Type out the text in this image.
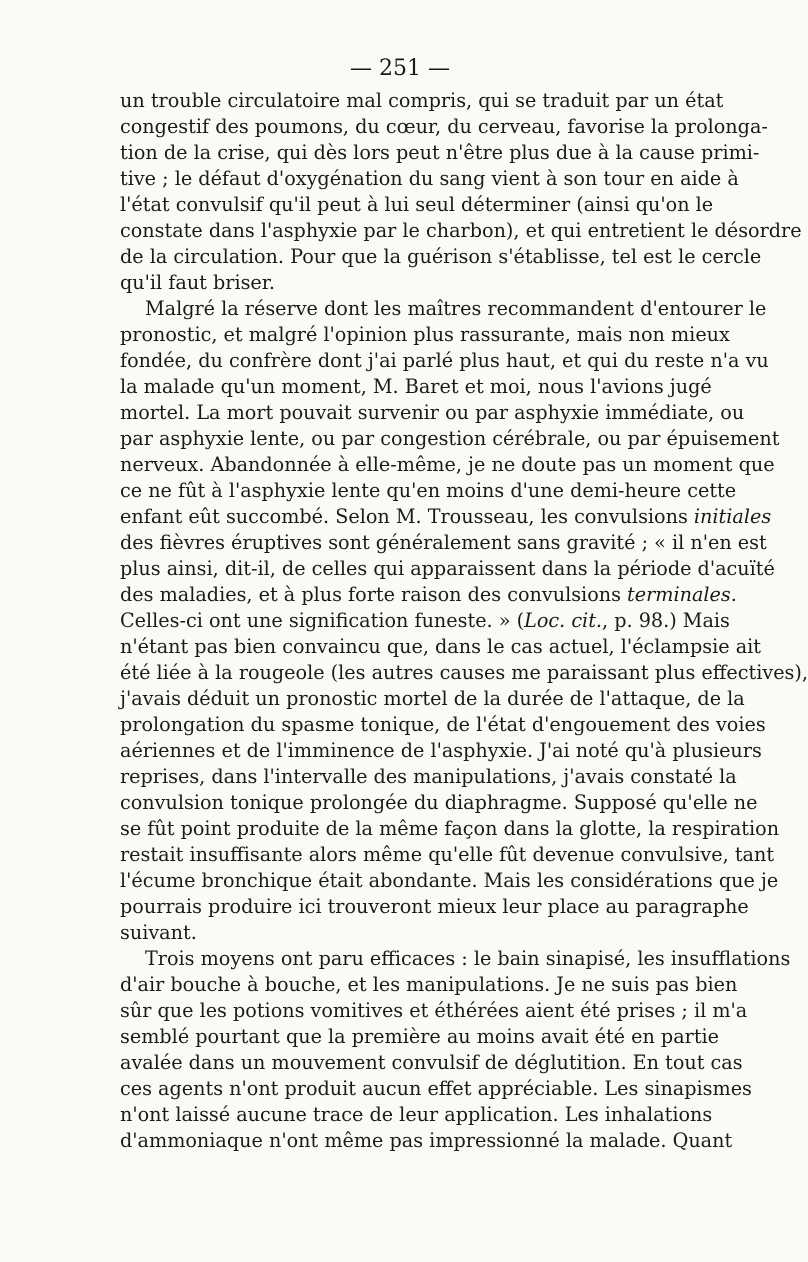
— 251 —
un trouble circulatoire mal compris, qui se traduit par un état
congestif des poumons, du cœur, du cerveau, favorise la prolonga-
tion de la crise, qui dès lors peut n'être plus due à la cause primi-
tive ; le défaut d'oxygénation du sang vient à son tour en aide à
l'état convulsif qu'il peut à lui seul déterminer (ainsi qu'on le
constate dans l'asphyxie par le charbon), et qui entretient le désordre
de la circulation. Pour que la guérison s'établisse, tel est le cercle
qu'il faut briser.
Malgré la réserve dont les maîtres recommandent d'entourer le
pronostic, et malgré l'opinion plus rassurante, mais non mieux
fondée, du confrère dont j'ai parlé plus haut, et qui du reste n'a vu
la malade qu'un moment, M. Baret et moi, nous l'avions jugé
mortel. La mort pouvait survenir ou par asphyxie immédiate, ou
par asphyxie lente, ou par congestion cérébrale, ou par épuisement
nerveux. Abandonnée à elle-même, je ne doute pas un moment que
ce ne fût à l'asphyxie lente qu'en moins d'une demi-heure cette
enfant eût succombé. Selon M. Trousseau, les convulsions initiales
des fièvres éruptives sont généralement sans gravité ; « il n'en est
plus ainsi, dit-il, de celles qui apparaissent dans la période d'acuïté
des maladies, et à plus forte raison des convulsions terminales.
Celles-ci ont une signification funeste. » (Loc. cit., p. 98.) Mais
n'étant pas bien convaincu que, dans le cas actuel, l'éclampsie ait
été liée à la rougeole (les autres causes me paraissant plus effectives),
j'avais déduit un pronostic mortel de la durée de l'attaque, de la
prolongation du spasme tonique, de l'état d'engouement des voies
aériennes et de l'imminence de l'asphyxie. J'ai noté qu'à plusieurs
reprises, dans l'intervalle des manipulations, j'avais constaté la
convulsion tonique prolongée du diaphragme. Supposé qu'elle ne
se fût point produite de la même façon dans la glotte, la respiration
restait insuffisante alors même qu'elle fût devenue convulsive, tant
l'écume bronchique était abondante. Mais les considérations que je
pourrais produire ici trouveront mieux leur place au paragraphe
suivant.
Trois moyens ont paru efficaces : le bain sinapisé, les insufflations
d'air bouche à bouche, et les manipulations. Je ne suis pas bien
sûr que les potions vomitives et éthérées aient été prises ; il m'a
semblé pourtant que la première au moins avait été en partie
avalée dans un mouvement convulsif de déglutition. En tout cas
ces agents n'ont produit aucun effet appréciable. Les sinapismes
n'ont laissé aucune trace de leur application. Les inhalations
d'ammoniaque n'ont même pas impressionné la malade. Quant
